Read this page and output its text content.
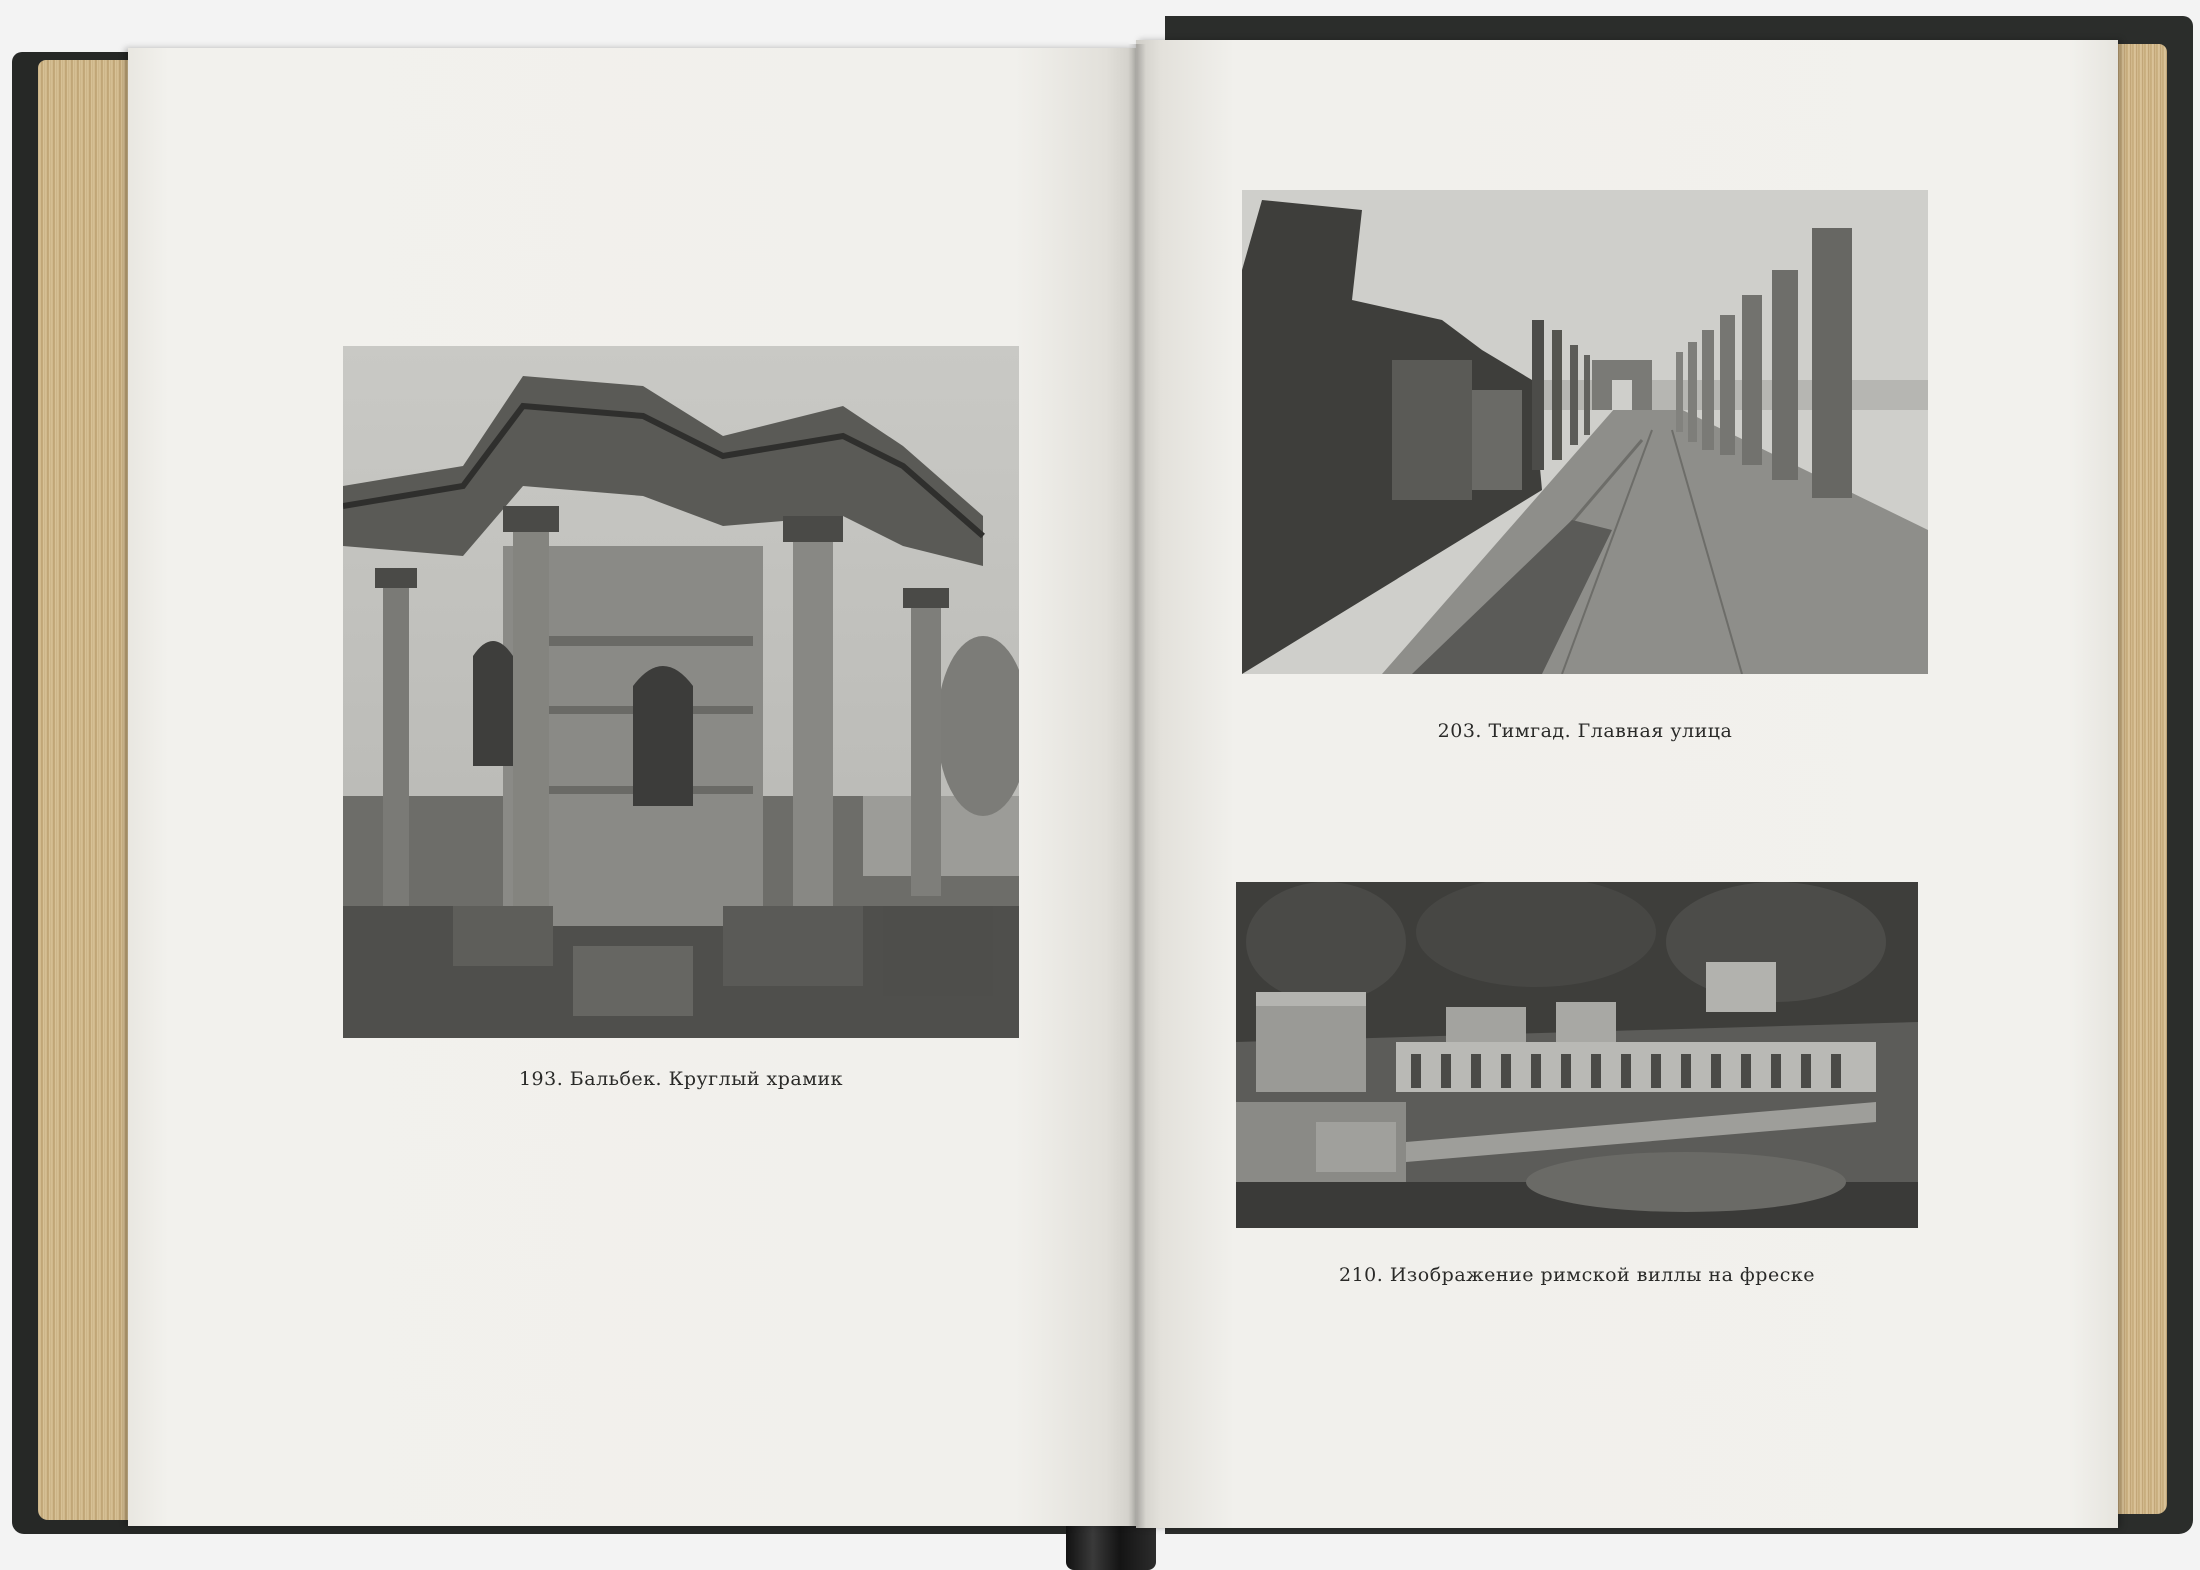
193. Бальбек. Круглый храмик
203. Тимгад. Главная улица
210. Изображение римской виллы на фреске
